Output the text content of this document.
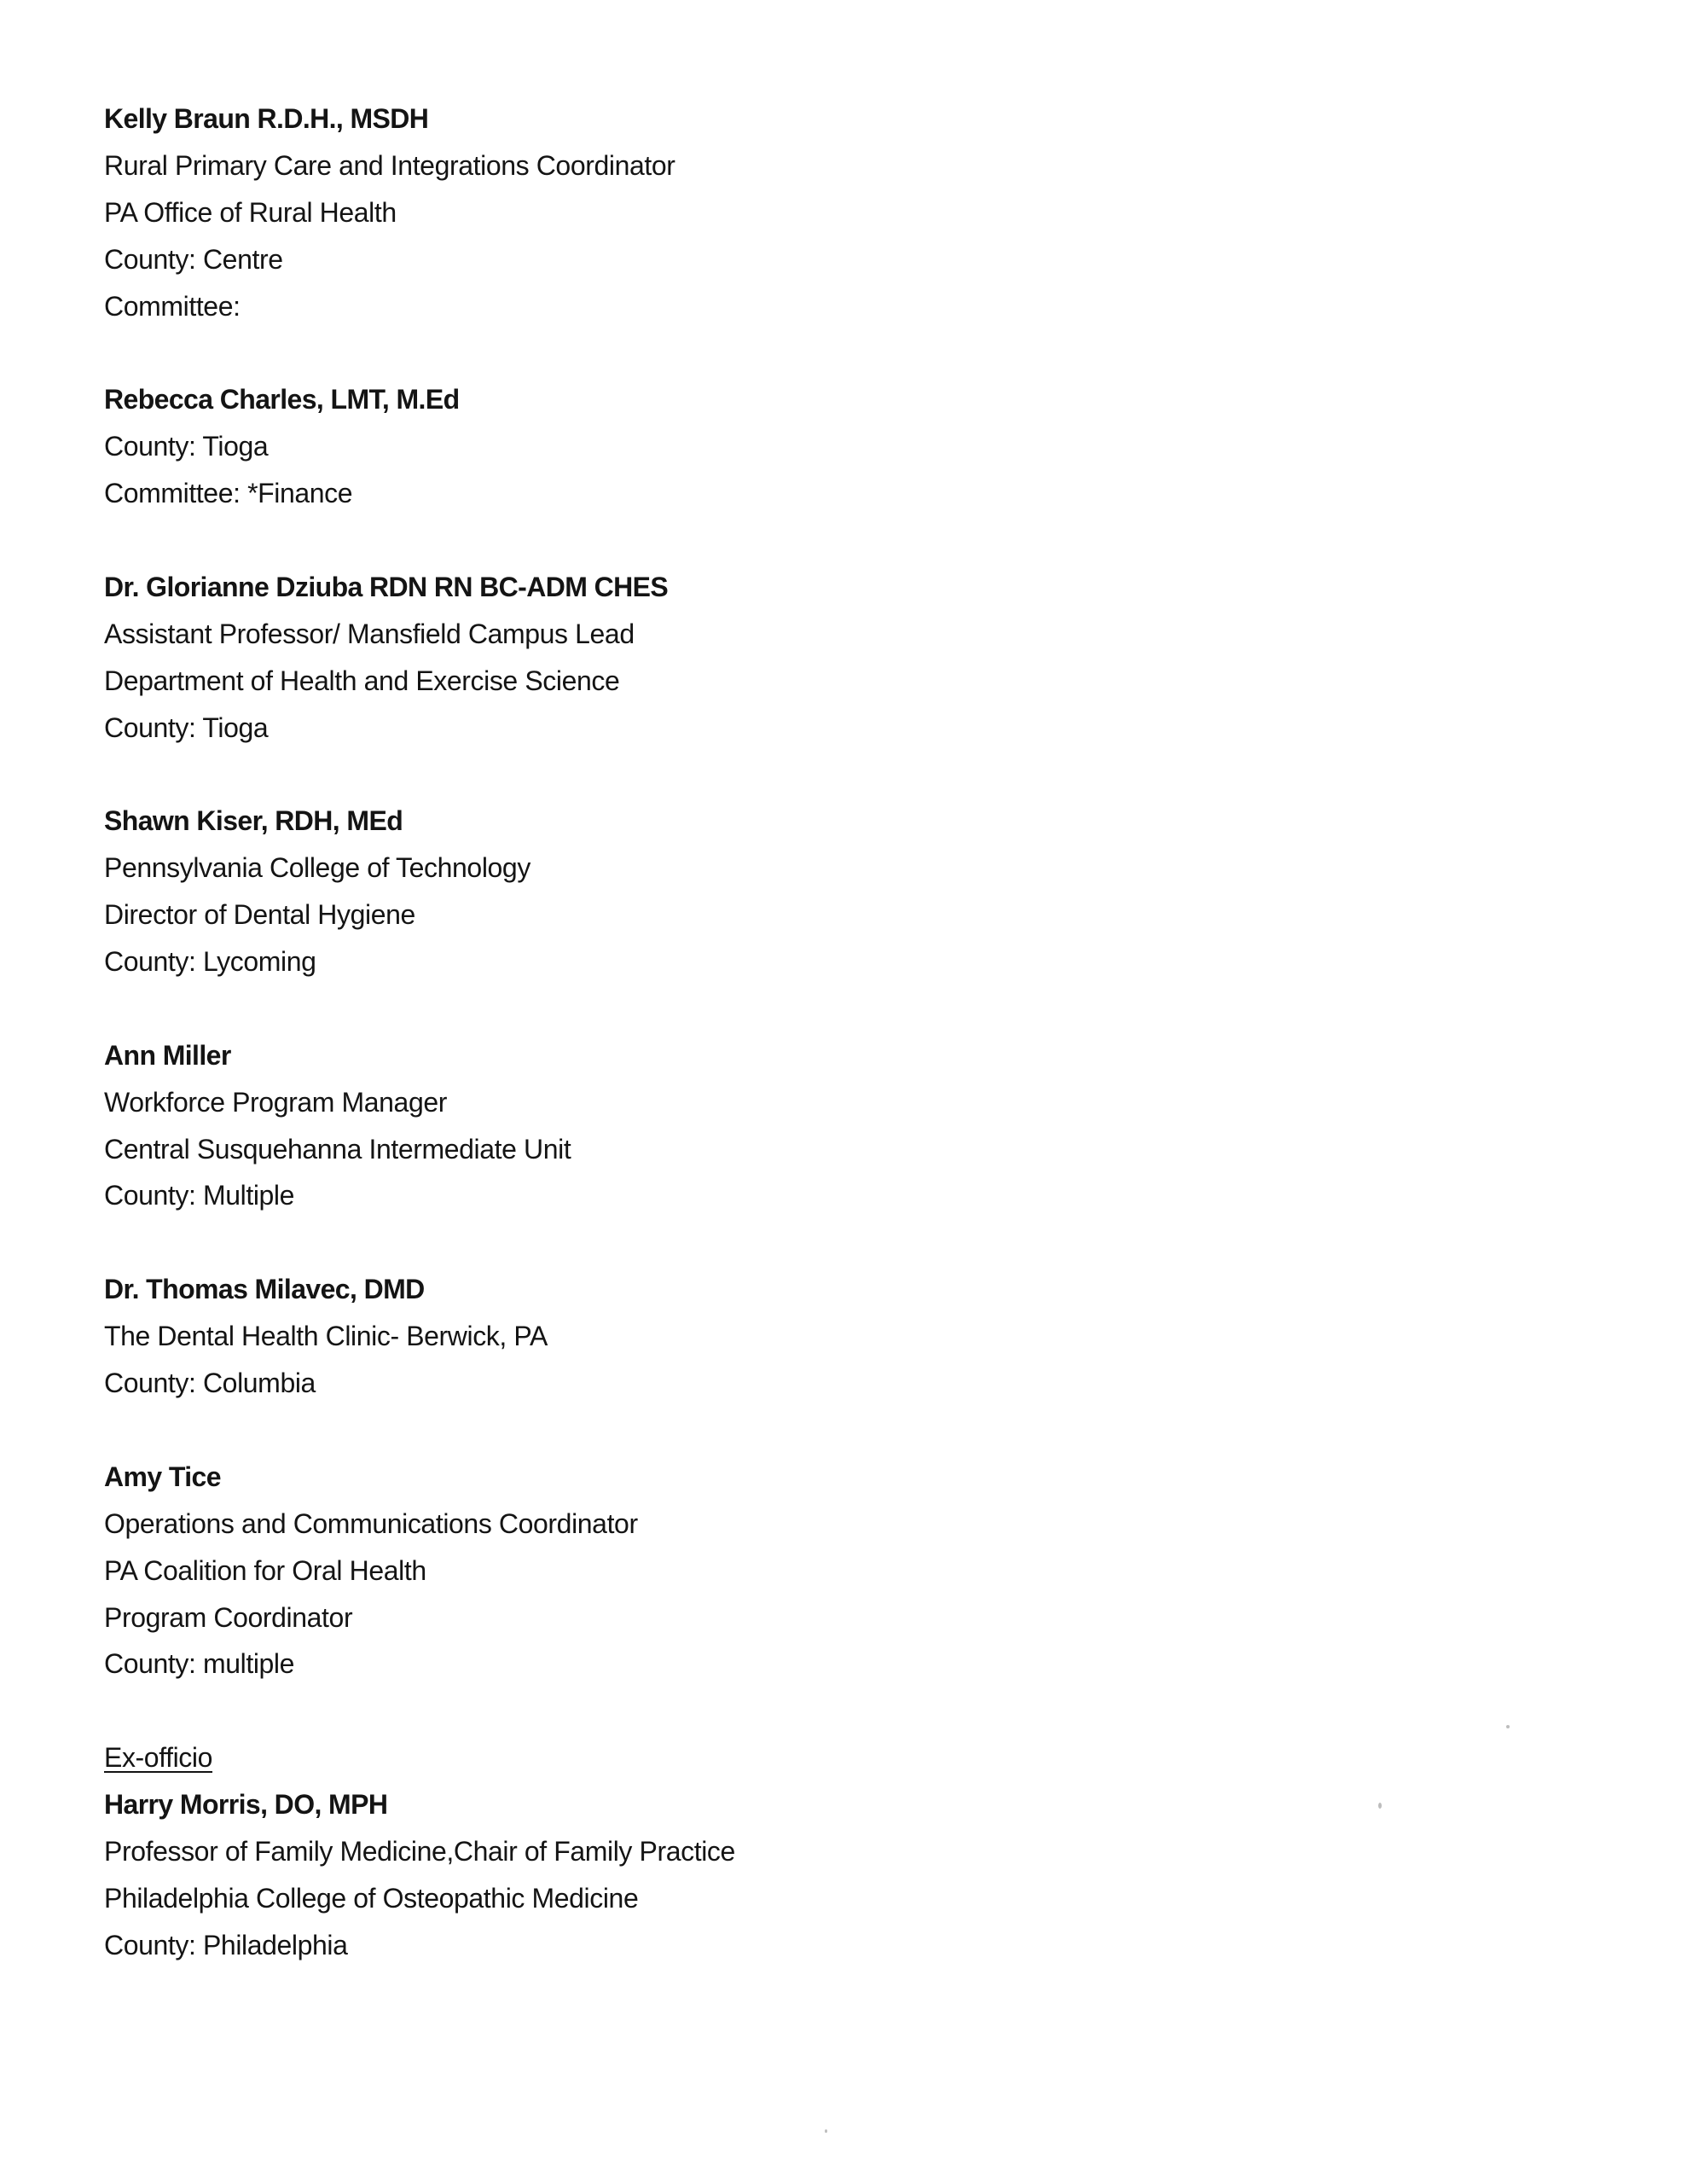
Kelly Braun R.D.H., MSDH
Rural Primary Care and Integrations Coordinator
PA Office of Rural Health
County: Centre
Committee:
Rebecca Charles, LMT, M.Ed
County: Tioga
Committee: *Finance
Dr. Glorianne Dziuba RDN RN BC-ADM CHES
Assistant Professor/ Mansfield Campus Lead
Department of Health and Exercise Science
County: Tioga
Shawn Kiser, RDH, MEd
Pennsylvania College of Technology
Director of Dental Hygiene
County: Lycoming
Ann Miller
Workforce Program Manager
Central Susquehanna Intermediate Unit
County: Multiple
Dr. Thomas Milavec, DMD
The Dental Health Clinic- Berwick, PA
County: Columbia
Amy Tice
Operations and Communications Coordinator
PA Coalition for Oral Health
Program Coordinator
County: multiple
Ex-officio
Harry Morris, DO, MPH
Professor of Family Medicine,Chair of Family Practice
Philadelphia College of Osteopathic Medicine
County: Philadelphia
